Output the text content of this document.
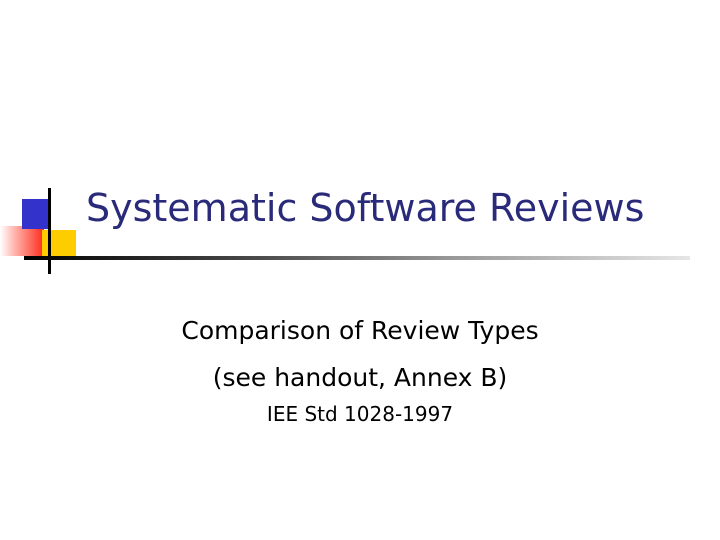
Systematic Software Reviews

Comparison of Review Types

(see handout, Annex B)

IEE Std 1028-1997
